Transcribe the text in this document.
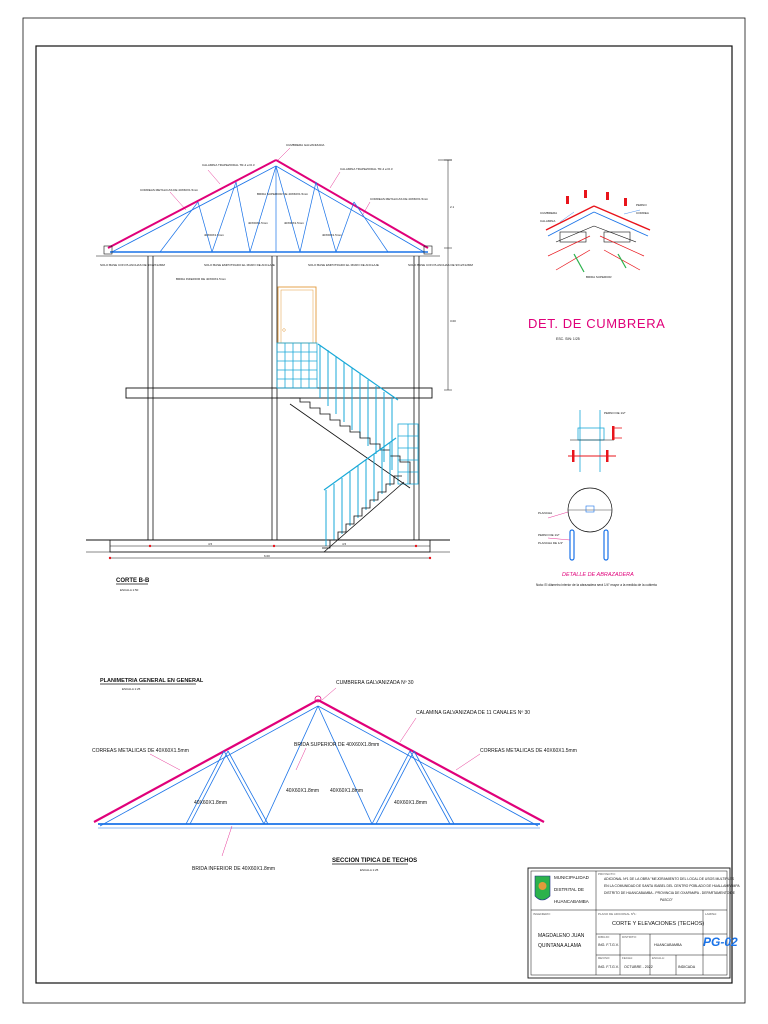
CUMBRERA GALVANIZADA
CALAMINA TRAPEZOIDAL TR-4 e=0.3
CALAMINA TRAPEZOIDAL TR-4 e=0.3
CORREAS METALICAS DE 40X60X1.5mm
CORREAS METALICAS DE 40X60X1.5mm
BRIDA SUPERIOR DE 40X60X1.5mm
40X60X1.5mm
40X60X1.5mm	40X60X1.5mm
40X60X1.5mm
SOLO BASE CON PLANCHAS DE 9X12X12MM	SOLO BASE EMPOTRADO EL MURO DE ANCLAJE	SOLO BASE EMPOTRADO EL MURO DE ANCLAJE	SOLO BASE CON PLANCHAS DE 9X12X12MM
BRIDA INFERIOR DE 40X60X1.5mm
2.1
3.00
4.5	4.5
6.00
CORTE B-B
ESCALA 1:50
CUMBRERA
CALAMINA
PERNO
CORREA
BRIDA SUPERIOR
DET. DE CUMBRERA
ESC. SIN: 1/25
PERNO DE 1/2"
PLANCHA
PERNO DE 1/2"
PLANCHA DE 1/4"
DETALLE DE ABRAZADERA
Nota: El diámetro interior de la abrazadera será 1/4" mayor a la medida de la cubierta
PLANIMETRIA GENERAL EN GENERAL
ESCALA 1:25
CUMBRERA GALVANIZADA Nº 30
CALAMINA GALVANIZADA DE 11 CANALES Nº 30
CORREAS METALICAS DE 40X60X1.5mm	CORREAS METALICAS DE 40X60X1.5mm
BRIDA SUPERIOR DE 40X60X1.8mm
40X60X1.8mm
40X60X1.8mm 40X60X1.8mm
40X60X1.8mm
BRIDA INFERIOR DE 40X60X1.8mm
SECCION TIPICA DE TECHOS
ESCALA 1:25
MUNICIPALIDAD
DISTRITAL DE
HUANCABAMBA
PROYECTO:
ADICIONAL Nº1 DE LA OBRA "MEJORAMIENTO DEL LOCAL DE USOS MULTIPLES
EN LA COMUNIDAD DE SANTA ISABEL DEL CENTRO POBLADO DE HUALLAMPAMPA
DISTRITO DE HUANCABAMBA - PROVINCIA DE OXAPAMPA - DEPARTAMENTO DE
PASCO"
INGENIERO:
MAGDALENO JUAN
QUINTANA ALAMA
PLANO DE ADICIONAL Nº1:
CORTE Y ELEVACIONES (TECHOS)
LAMINA:
PG-02
DIBUJO:
ING. F.T.G.V.
DISTRITO:
HUANCABAMBA
REVISO:
ING. F.T.G.V.
FECHA:
OCTUBRE - 2022
ESCALA:
INDICADA
